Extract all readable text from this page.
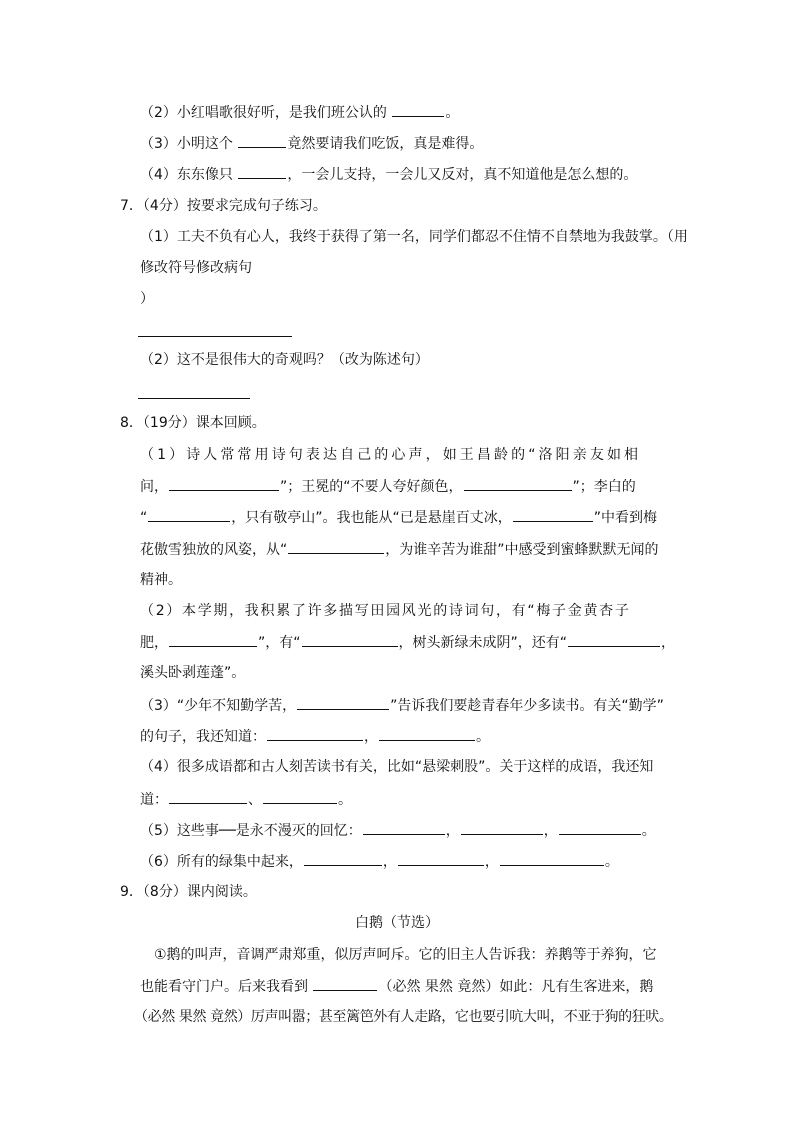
（2）小红唱歌很好听，是我们班公认的	。
（3）小明这个	竟然要请我们吃饭，真是难得。
（4）东东像只	，一会儿支持，一会儿又反对，真不知道他是怎么想的。
7．（4分）按要求完成句子练习。
（1）工夫不负有心人，我终于获得了第一名，同学们都忍不住情不自禁地为我鼓掌。（用
修改符号修改病句
）
（2）这不是很伟大的奇观吗？（改为陈述句）
8．（19分）课本回顾。
（1）诗人常常用诗句表达自己的心声，如王昌龄的“洛阳亲友如相
问，	”；王冕的“不要人夸好颜色，	”；李白的
“	，只有敬亭山”。我也能从“已是悬崖百丈冰，	”中看到梅
花傲雪独放的风姿，从“	，为谁辛苦为谁甜”中感受到蜜蜂默默无闻的
精神。
（2）本学期，我积累了许多描写田园风光的诗词句，有“梅子金黄杏子
肥，	”，有“	，树头新绿未成阴”，还有“	，
溪头卧剥莲蓬”。
（3）“少年不知勤学苦，	”告诉我们要趁青春年少多读书。有关“勤学”
的句子，我还知道：	，	。
（4）很多成语都和古人刻苦读书有关，比如“悬梁刺股”。关于这样的成语，我还知
道：	、	。
（5）这些事──是永不漫灭的回忆：	，	，	。
（6）所有的绿集中起来，	，	，	。
9．（8分）课内阅读。
白鹅（节选）
①鹅的叫声，音调严肃郑重，似厉声呵斥。它的旧主人告诉我：养鹅等于养狗，它
也能看守门户。后来我看到	（必然 果然 竟然）如此：凡有生客进来，鹅
（必然 果然 竟然）厉声叫嚣；甚至篱笆外有人走路，它也要引吭大叫，不亚于狗的狂吠。
